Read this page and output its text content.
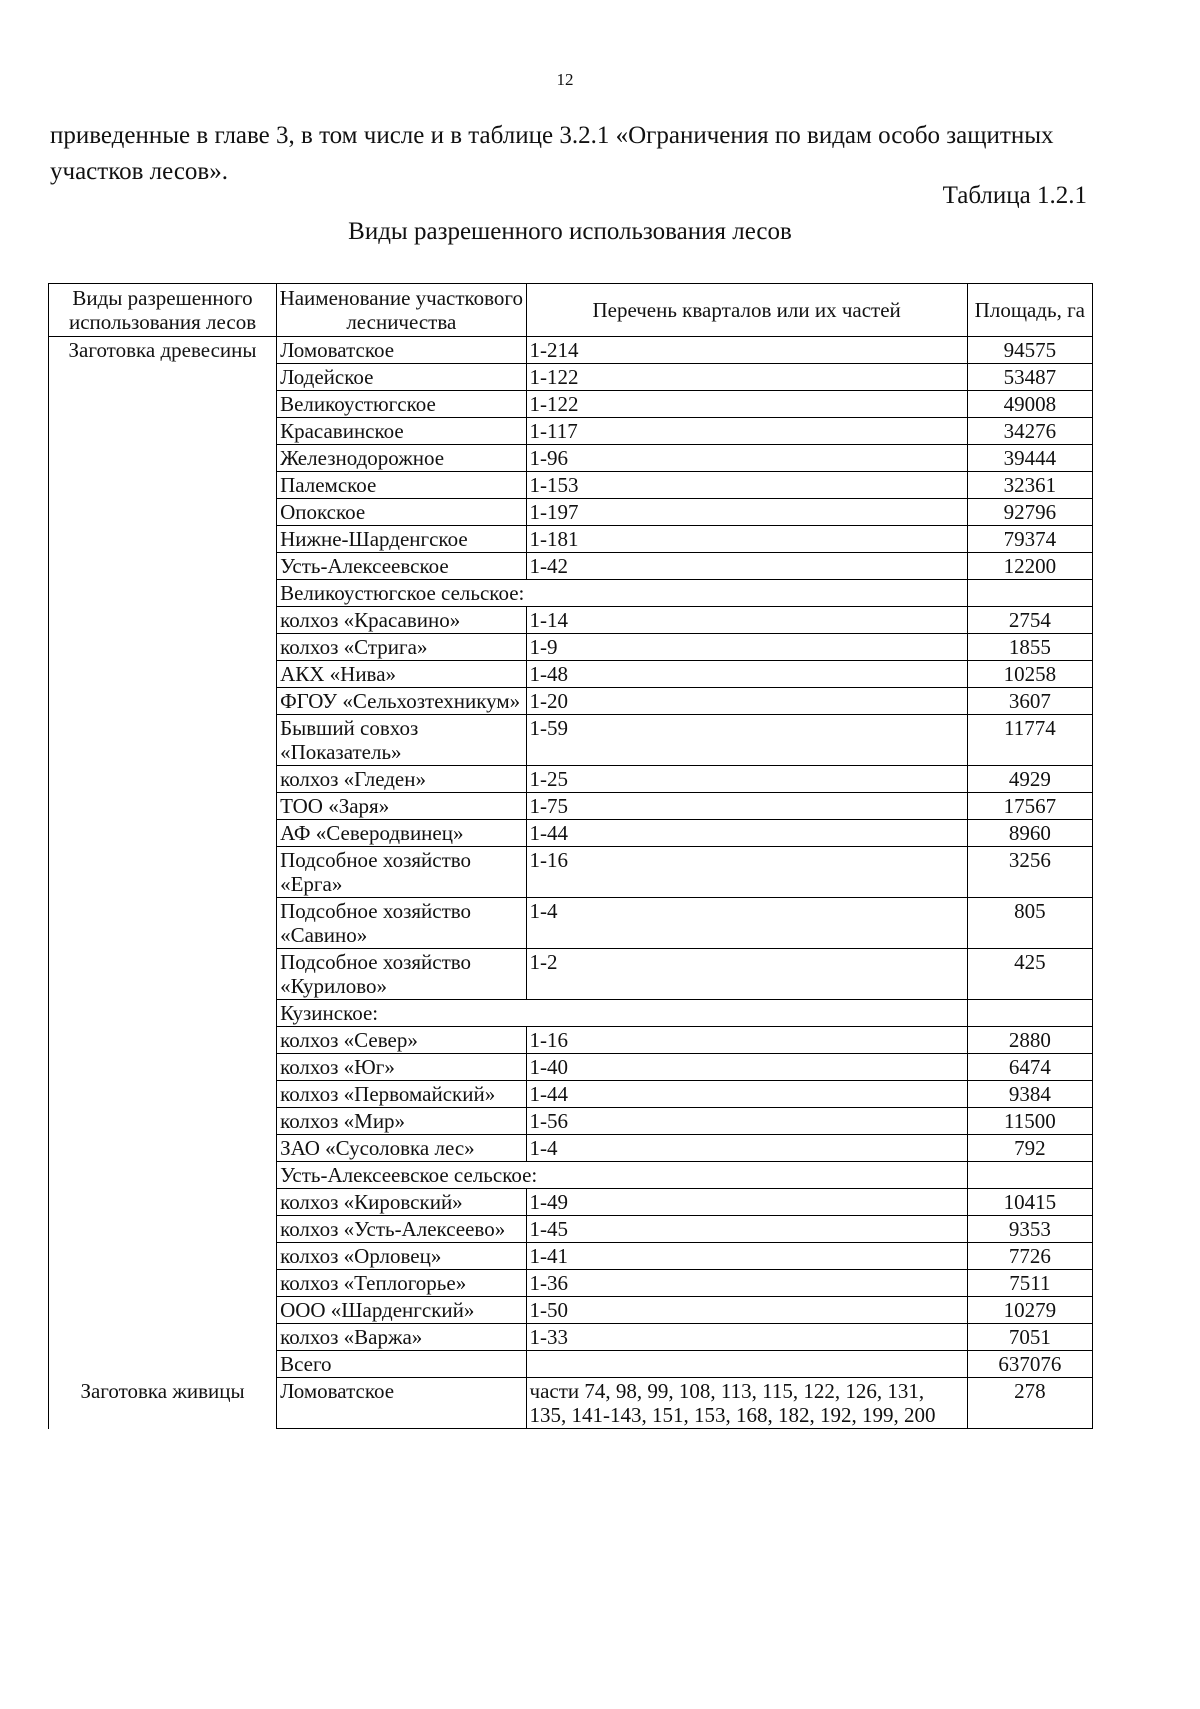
12

приведенные в главе 3, в том числе и в таблице 3.2.1 «Ограничения по видам особо защитных участков лесов».

Таблица 1.2.1
Виды разрешенного использования лесов
Виды разрешенного использования лесов	Наименование участкового лесничества	Перечень кварталов или их частей	Площадь, га
Заготовка древесины	Ломоватское	1-214	94575
	Лодейское	1-122	53487
	Великоустюгское	1-122	49008
	Красавинское	1-117	34276
	Железнодорожное	1-96	39444
	Палемское	1-153	32361
	Опокское	1-197	92796
	Нижне-Шарденгское	1-181	79374
	Усть-Алексеевское	1-42	12200
	Великоустюгское сельское:		
	колхоз «Красавино»	1-14	2754
	колхоз «Стрига»	1-9	1855
	АКХ «Нива»	1-48	10258
	ФГОУ «Сельхозтехникум»	1-20	3607
	Бывший совхоз «Показатель»	1-59	11774
	колхоз «Гледен»	1-25	4929
	ТОО «Заря»	1-75	17567
	АФ «Северодвинец»	1-44	8960
	Подсобное хозяйство «Ерга»	1-16	3256
	Подсобное хозяйство «Савино»	1-4	805
	Подсобное хозяйство «Курилово»	1-2	425
	Кузинское:		
	колхоз «Север»	1-16	2880
	колхоз «Юг»	1-40	6474
	колхоз «Первомайский»	1-44	9384
	колхоз «Мир»	1-56	11500
	ЗАО «Сусоловка лес»	1-4	792
	Усть-Алексеевское сельское:		
	колхоз «Кировский»	1-49	10415
	колхоз «Усть-Алексеево»	1-45	9353
	колхоз «Орловец»	1-41	7726
	колхоз «Теплогорье»	1-36	7511
	ООО «Шарденгский»	1-50	10279
	колхоз «Варжа»	1-33	7051
	Всего		637076
Заготовка живицы	Ломоватское	части 74, 98, 99, 108, 113, 115, 122, 126, 131, 135, 141-143, 151, 153, 168, 182, 192, 199, 200	278
